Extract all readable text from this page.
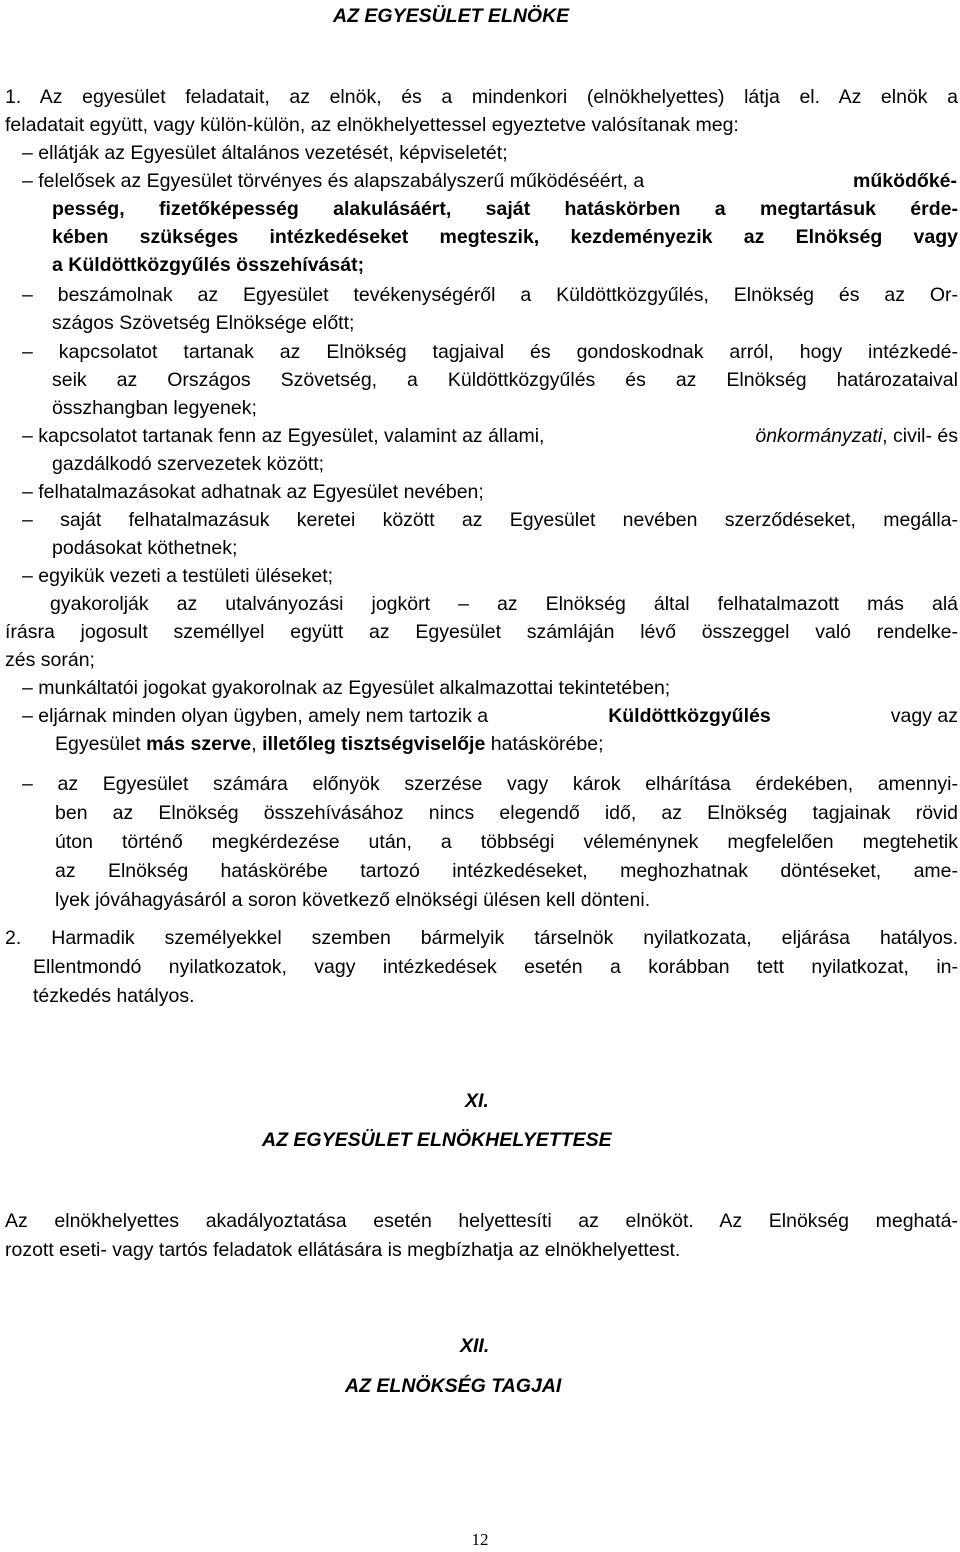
AZ EGYESÜLET ELNÖKE
1. Az egyesület feladatait, az elnök, és a mindenkori (elnökhelyettes) látja el. Az elnök a
feladatait együtt, vagy külön-külön, az elnökhelyettessel egyeztetve valósítanak meg:
– ellátják az Egyesület általános vezetését, képviseletét;
– felelősek az Egyesület törvényes és alapszabályszerű működéséért, a	működőké-
pesség, fizetőképesség alakulásáért, saját hatáskörben a megtartásuk érde-
kében szükséges intézkedéseket megteszik, kezdeményezik az Elnökség vagy
a Küldöttközgyűlés összehívását;
– beszámolnak az Egyesület tevékenységéről a Küldöttközgyűlés, Elnökség és az Or-
szágos Szövetség Elnöksége előtt;
– kapcsolatot tartanak az Elnökség tagjaival és gondoskodnak arról, hogy intézkedé-
seik az Országos Szövetség, a Küldöttközgyűlés és az Elnökség határozataival
összhangban legyenek;
– kapcsolatot tartanak fenn az Egyesület, valamint az állami,	önkormányzati, civil- és
gazdálkodó szervezetek között;
– felhatalmazásokat adhatnak az Egyesület nevében;
– saját felhatalmazásuk keretei között az Egyesület nevében szerződéseket, megálla-
podásokat köthetnek;
– egyikük vezeti a testületi üléseket;
gyakorolják az utalványozási jogkört – az Elnökség által felhatalmazott más alá
írásra jogosult személlyel együtt az Egyesület számláján lévő összeggel való rendelke-
zés során;
– munkáltatói jogokat gyakorolnak az Egyesület alkalmazottai tekintetében;
– eljárnak minden olyan ügyben, amely nem tartozik a	Küldöttközgyűlés	vagy az
Egyesület más szerve, illetőleg tisztségviselője hatáskörébe;
– az Egyesület számára előnyök szerzése vagy károk elhárítása érdekében, amennyi-
ben az Elnökség összehívásához nincs elegendő idő, az Elnökség tagjainak rövid
úton történő megkérdezése után, a többségi véleménynek megfelelően megtehetik
az Elnökség hatáskörébe tartozó intézkedéseket, meghozhatnak döntéseket, ame-
lyek jóváhagyásáról a soron következő elnökségi ülésen kell dönteni.
2. Harmadik személyekkel szemben bármelyik társelnök nyilatkozata, eljárása hatályos.
Ellentmondó nyilatkozatok, vagy intézkedések esetén a korábban tett nyilatkozat, in-
tézkedés hatályos.
XI.
AZ EGYESÜLET ELNÖKHELYETTESE
Az elnökhelyettes akadályoztatása esetén helyettesíti az elnököt. Az Elnökség meghatá-
rozott eseti- vagy tartós feladatok ellátására is megbízhatja az elnökhelyettest.
XII.
AZ ELNÖKSÉG TAGJAI
12
